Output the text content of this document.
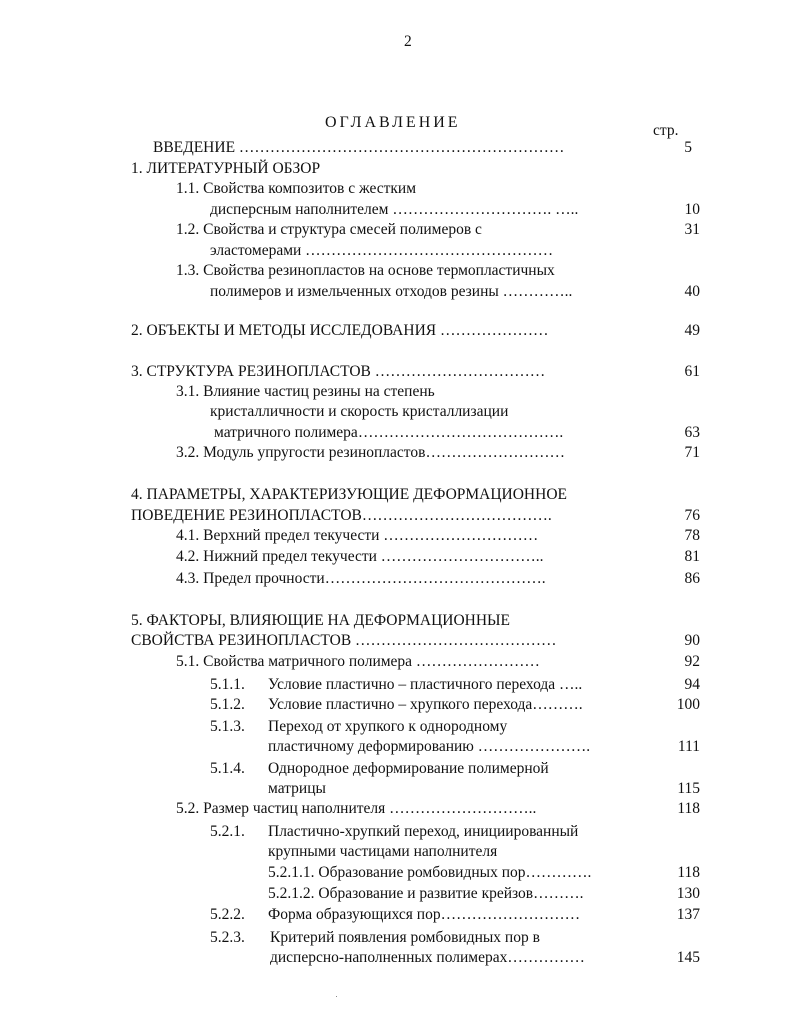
2
ОГЛАВЛЕНИЕ	стр.
ВВЕДЕНИЕ ………………………………………………………	5
1. ЛИТЕРАТУРНЫЙ ОБЗОР
1.1. Свойства композитов с жестким
дисперсным наполнителем …………………………. …..	10
1.2. Свойства и структура смесей полимеров с	31
эластомерами …………………………………………
1.3. Свойства резинопластов на основе термопластичных
полимеров и измельченных отходов резины …………..	40
2. ОБЪЕКТЫ И МЕТОДЫ ИССЛЕДОВАНИЯ …………………	49
3. СТРУКТУРА РЕЗИНОПЛАСТОВ ……………………………	61
3.1. Влияние частиц резины на степень
кристалличности и скорость кристаллизации
матричного полимера………………………………….	63
3.2. Модуль упругости резинопластов………………………	71
4. ПАРАМЕТРЫ, ХАРАКТЕРИЗУЮЩИЕ ДЕФОРМАЦИОННОЕ
ПОВЕДЕНИЕ РЕЗИНОПЛАСТОВ……………………………….	76
4.1. Верхний предел текучести …………………………	78
4.2. Нижний предел текучести …………………………..	81
4.3. Предел прочности…………………………………….	86
5. ФАКТОРЫ, ВЛИЯЮЩИЕ НА ДЕФОРМАЦИОННЫЕ
СВОЙСТВА РЕЗИНОПЛАСТОВ …………………………………	90
5.1. Свойства матричного полимера ……………………	92
5.1.1. Условие пластично – пластичного перехода …..	94
5.1.2. Условие пластично – хрупкого перехода……….	100
5.1.3. Переход от хрупкого к однородному
пластичному деформированию ………………….	111
5.1.4. Однородное деформирование полимерной
матрицы	115
5.2. Размер частиц наполнителя ………………………..	118
5.2.1. Пластично-хрупкий переход, инициированный
крупными частицами наполнителя
5.2.1.1. Образование ромбовидных пор………….	118
5.2.1.2. Образование и развитие крейзов……….	130
5.2.2. Форма образующихся пор………………………	137
5.2.3. Критерий появления ромбовидных пор в
дисперсно-наполненных полимерах……………	145
